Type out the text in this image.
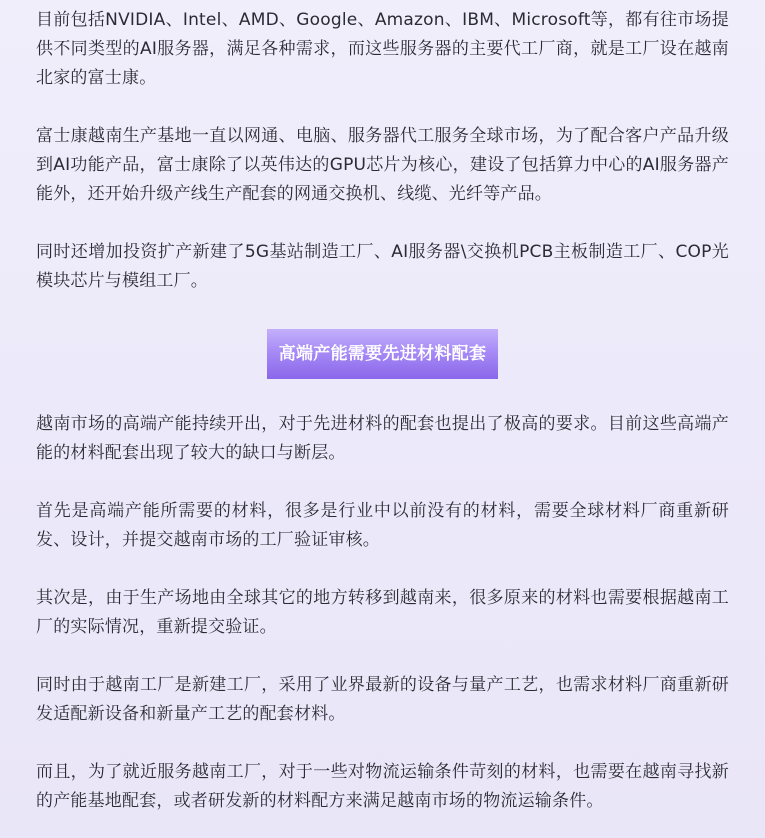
目前包括NVIDIA、Intel、AMD、Google、Amazon、IBM、Microsoft等，都有往市场提供不同类型的AI服务器，满足各种需求，而这些服务器的主要代工厂商，就是工厂设在越南北家的富士康。

富士康越南生产基地一直以网通、电脑、服务器代工服务全球市场，为了配合客户产品升级到AI功能产品，富士康除了以英伟达的GPU芯片为核心，建设了包括算力中心的AI服务器产能外，还开始升级产线生产配套的网通交换机、线缆、光纤等产品。

同时还增加投资扩产新建了5G基站制造工厂、AI服务器\交换机PCB主板制造工厂、COP光模块芯片与模组工厂。

高端产能需要先进材料配套

越南市场的高端产能持续开出，对于先进材料的配套也提出了极高的要求。目前这些高端产能的材料配套出现了较大的缺口与断层。

首先是高端产能所需要的材料，很多是行业中以前没有的材料，需要全球材料厂商重新研发、设计，并提交越南市场的工厂验证审核。

其次是，由于生产场地由全球其它的地方转移到越南来，很多原来的材料也需要根据越南工厂的实际情况，重新提交验证。

同时由于越南工厂是新建工厂，采用了业界最新的设备与量产工艺，也需求材料厂商重新研发适配新设备和新量产工艺的配套材料。

而且，为了就近服务越南工厂，对于一些对物流运输条件苛刻的材料，也需要在越南寻找新的产能基地配套，或者研发新的材料配方来满足越南市场的物流运输条件。
